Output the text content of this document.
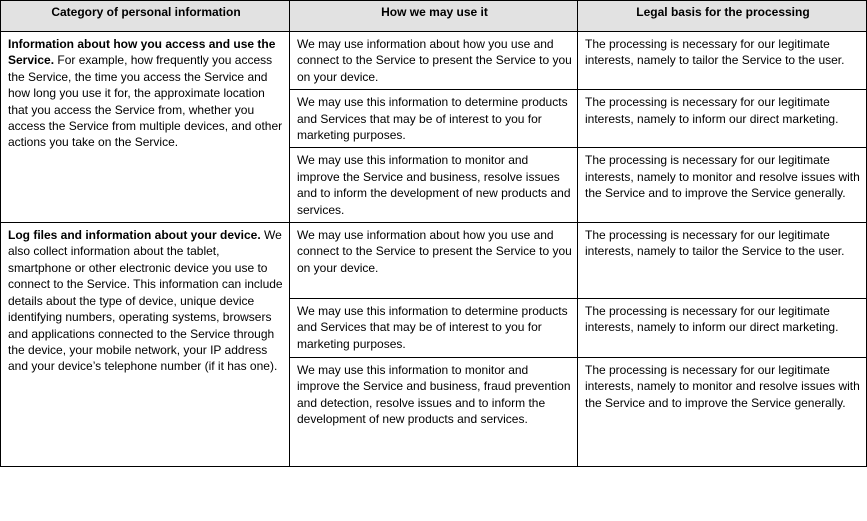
Category of personal information	How we may use it	Legal basis for the processing
Information about how you access and use the Service. For example, how frequently you access the Service, the time you access the Service and how long you use it for, the approximate location that you access the Service from, whether you access the Service from multiple devices, and other actions you take on the Service.	We may use information about how you use and connect to the Service to present the Service to you on your device.	The processing is necessary for our legitimate interests, namely to tailor the Service to the user.
	We may use this information to determine products and Services that may be of interest to you for marketing purposes.	The processing is necessary for our legitimate interests, namely to inform our direct marketing.
	We may use this information to monitor and improve the Service and business, resolve issues and to inform the development of new products and services.	The processing is necessary for our legitimate interests, namely to monitor and resolve issues with the Service and to improve the Service generally.
Log files and information about your device. We also collect information about the tablet, smartphone or other electronic device you use to connect to the Service. This information can include details about the type of device, unique device identifying numbers, operating systems, browsers and applications connected to the Service through the device, your mobile network, your IP address and your device’s telephone number (if it has one).	We may use information about how you use and connect to the Service to present the Service to you on your device.	The processing is necessary for our legitimate interests, namely to tailor the Service to the user.
	We may use this information to determine products and Services that may be of interest to you for marketing purposes.	The processing is necessary for our legitimate interests, namely to inform our direct marketing.
	We may use this information to monitor and improve the Service and business, fraud prevention and detection, resolve issues and to inform the development of new products and services.	The processing is necessary for our legitimate interests, namely to monitor and resolve issues with the Service and to improve the Service generally.
